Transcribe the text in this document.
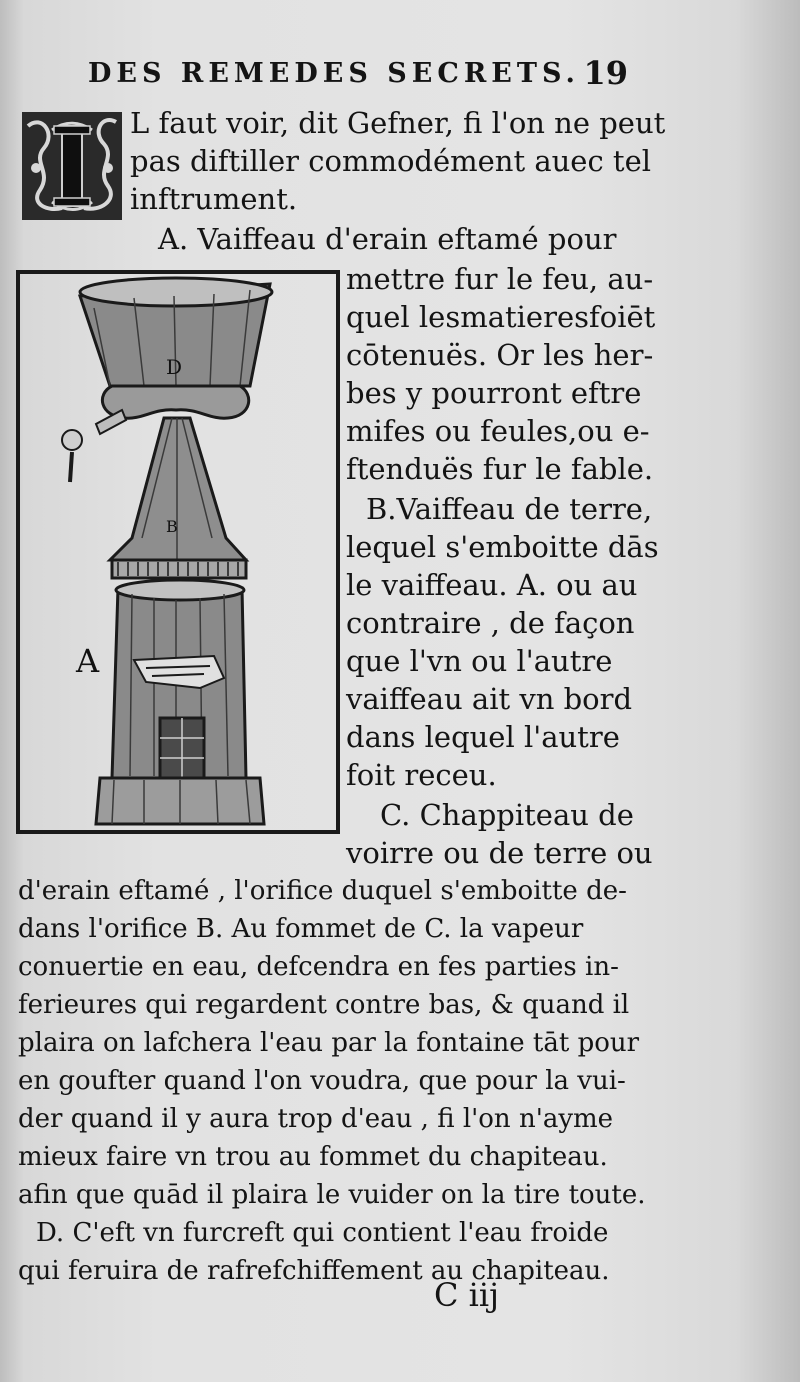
DES REMEDES SECRETS. 19
D
B
A
L faut voir, dit Gefner, fi l'on ne peut
pas diftiller commodément auec tel
inftrument.
A. Vaiffeau d'erain eftamé pour
mettre fur le feu, au-
quel lesmatieresfoiēt
cōtenuës. Or les her-
bes y pourront eftre
mifes ou feules,ou e-
ftenduës fur le fable.
B.Vaiffeau de terre,
lequel s'emboitte dās
le vaiffeau. A. ou au
contraire , de façon
que l'vn ou l'autre
vaiffeau ait vn bord
dans lequel l'autre
foit receu.
C. Chappiteau de
voirre ou de terre ou
d'erain eftamé , l'orifice duquel s'emboitte de-
dans l'orifice B. Au fommet de C. la vapeur
conuertie en eau, defcendra en fes parties in-
ferieures qui regardent contre bas, & quand il
plaira on lafchera l'eau par la fontaine tāt pour
en goufter quand l'on voudra, que pour la vui-
der quand il y aura trop d'eau , fi l'on n'ayme
mieux faire vn trou au fommet du chapiteau.
afin que quād il plaira le vuider on la tire toute.
D. C'eft vn furcreft qui contient l'eau froide
qui feruira de rafrefchiffement au chapiteau.
C iij
